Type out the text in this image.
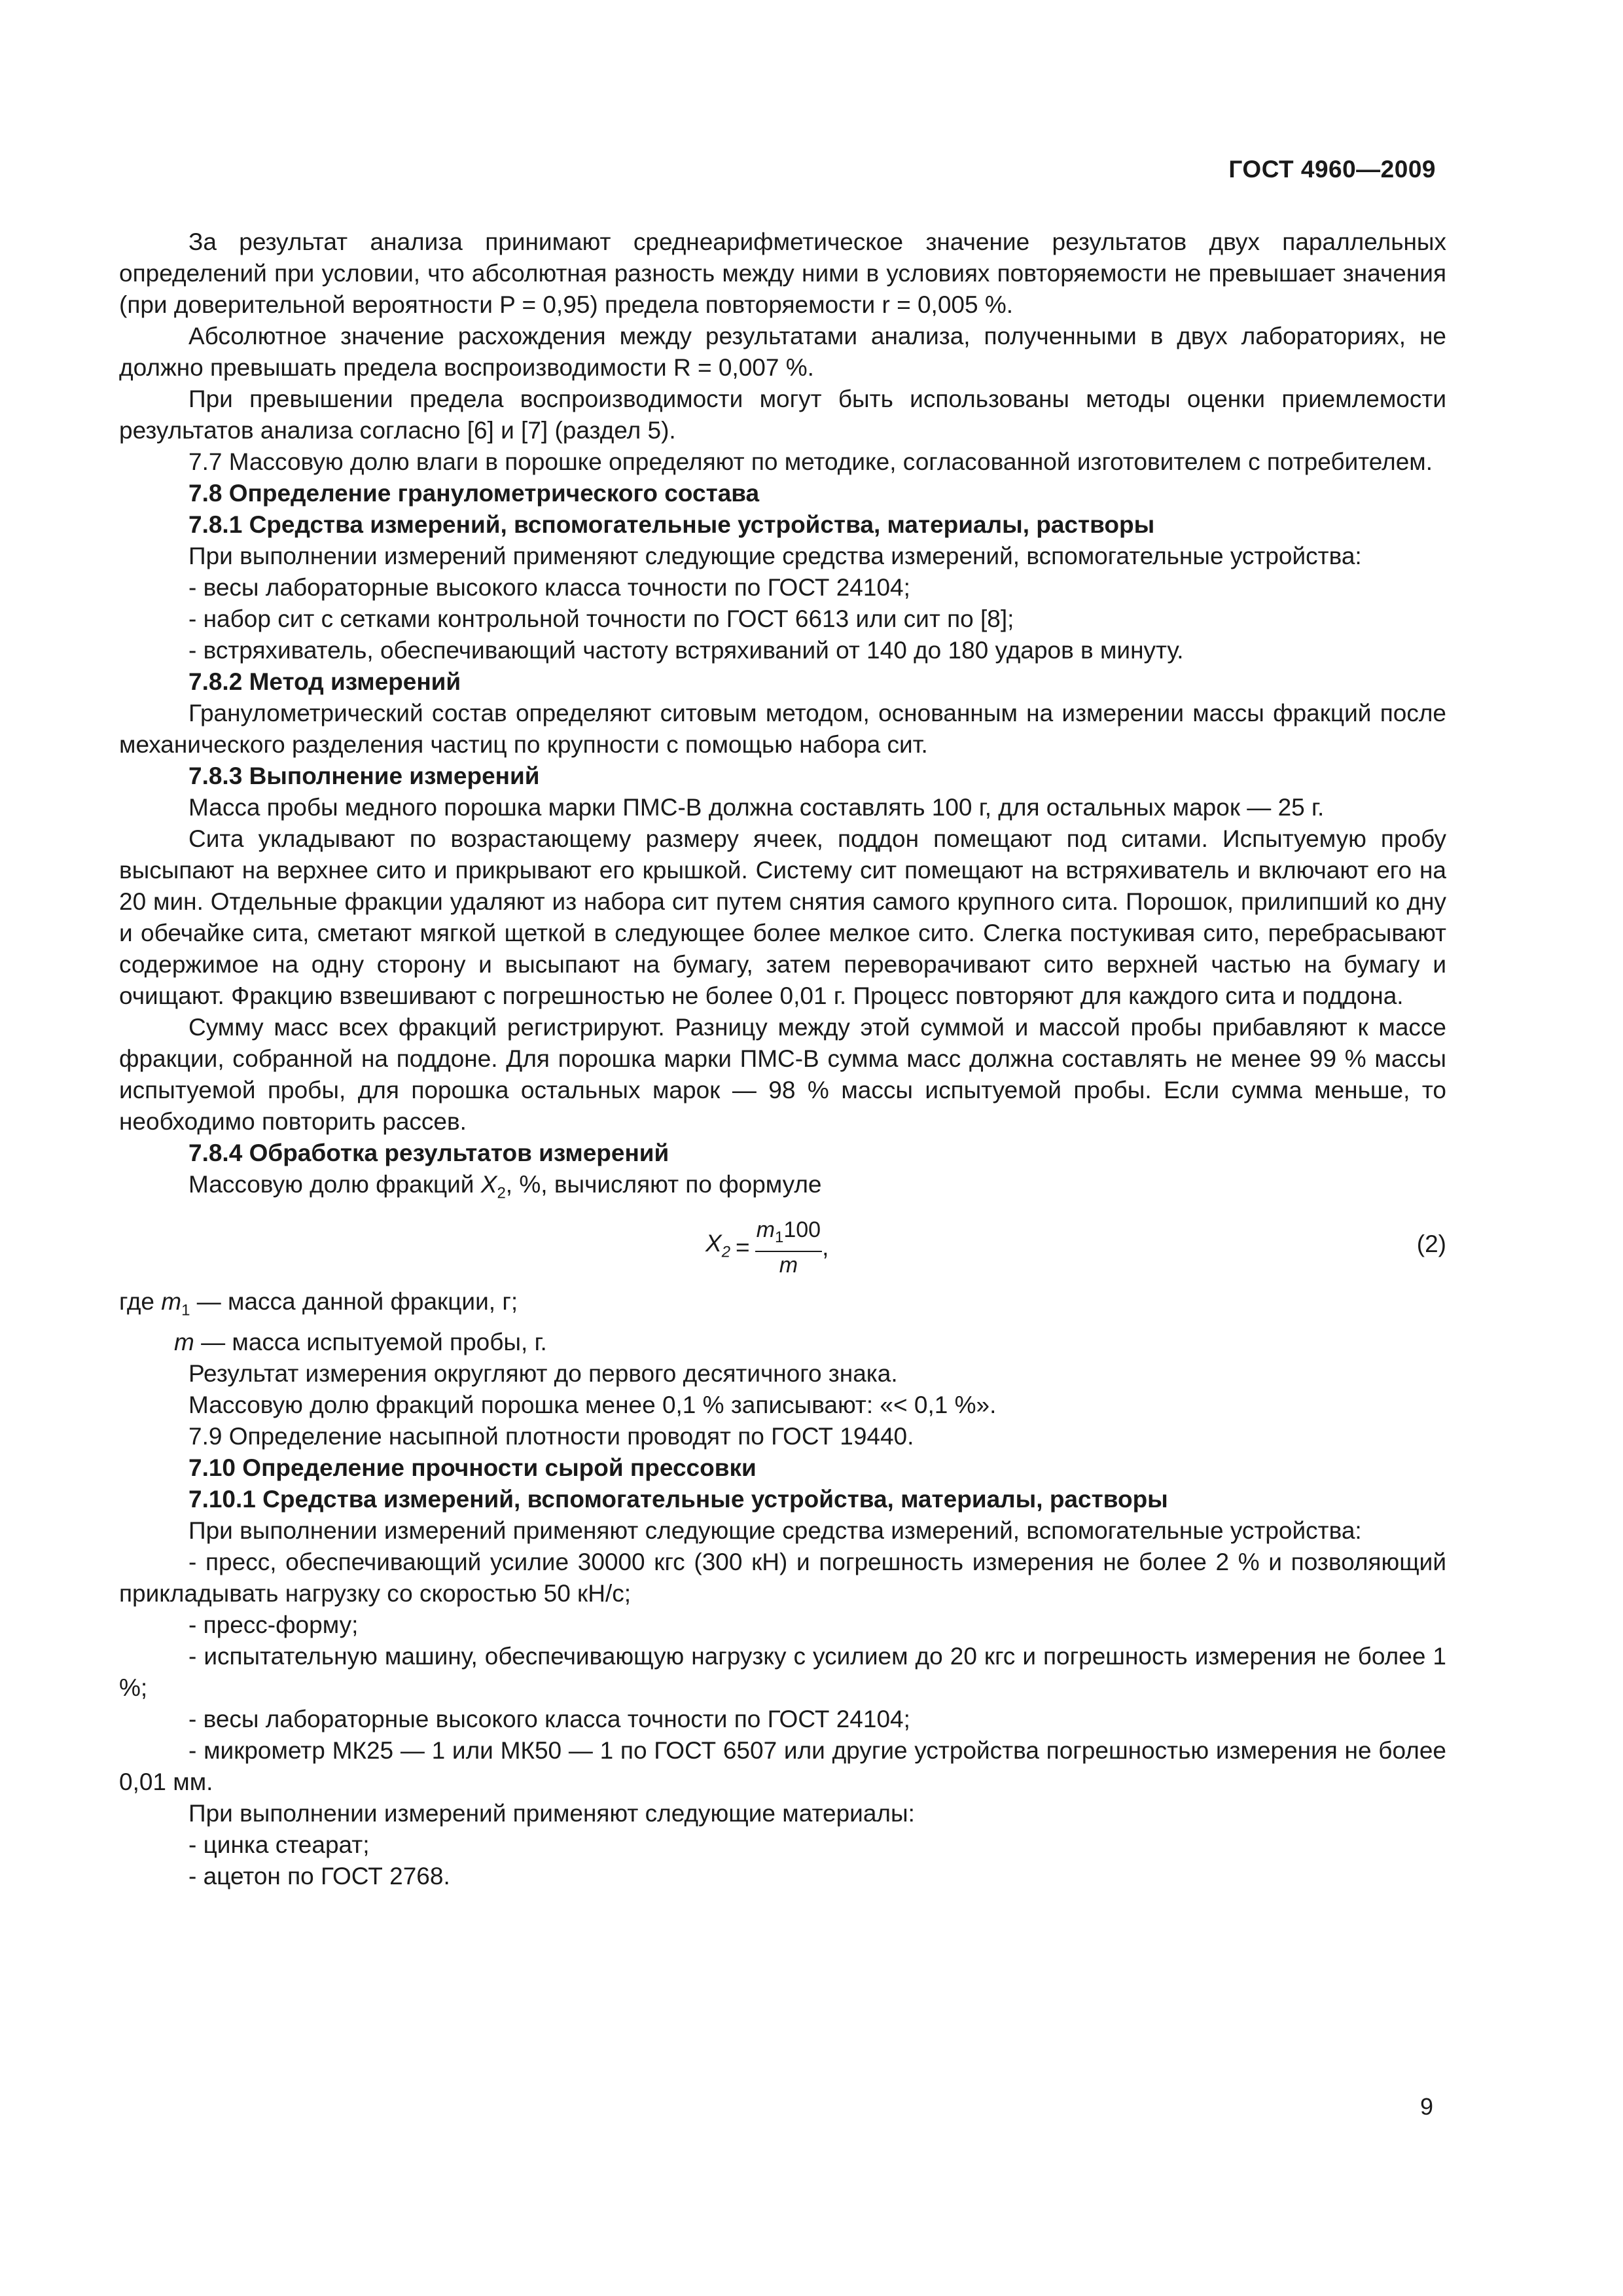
ГОСТ 4960—2009

За результат анализа принимают среднеарифметическое значение результатов двух параллельных определений при условии, что абсолютная разность между ними в условиях повторяемости не превышает значения (при доверительной вероятности P = 0,95) предела повторяемости r = 0,005 %.

Абсолютное значение расхождения между результатами анализа, полученными в двух лабораториях, не должно превышать предела воспроизводимости R = 0,007 %.

При превышении предела воспроизводимости могут быть использованы методы оценки приемлемости результатов анализа согласно [6] и [7] (раздел 5).

7.7 Массовую долю влаги в порошке определяют по методике, согласованной изготовителем с потребителем.

7.8 Определение гранулометрического состава

7.8.1 Средства измерений, вспомогательные устройства, материалы, растворы

При выполнении измерений применяют следующие средства измерений, вспомогательные устройства:

- весы лабораторные высокого класса точности по ГОСТ 24104;

- набор сит с сетками контрольной точности по ГОСТ 6613 или сит по [8];

- встряхиватель, обеспечивающий частоту встряхиваний от 140 до 180 ударов в минуту.

7.8.2 Метод измерений

Гранулометрический состав определяют ситовым методом, основанным на измерении массы фракций после механического разделения частиц по крупности с помощью набора сит.

7.8.3 Выполнение измерений

Масса пробы медного порошка марки ПМС-В должна составлять 100 г, для остальных марок — 25 г.

Сита укладывают по возрастающему размеру ячеек, поддон помещают под ситами. Испытуемую пробу высыпают на верхнее сито и прикрывают его крышкой. Систему сит помещают на встряхиватель и включают его на 20 мин. Отдельные фракции удаляют из набора сит путем снятия самого крупного сита. Порошок, прилипший ко дну и обечайке сита, сметают мягкой щеткой в следующее более мелкое сито. Слегка постукивая сито, перебрасывают содержимое на одну сторону и высыпают на бумагу, затем переворачивают сито верхней частью на бумагу и очищают. Фракцию взвешивают с погрешностью не более 0,01 г. Процесс повторяют для каждого сита и поддона.

Сумму масс всех фракций регистрируют. Разницу между этой суммой и массой пробы прибавляют к массе фракции, собранной на поддоне. Для порошка марки ПМС-В сумма масс должна составлять не менее 99 % массы испытуемой пробы, для порошка остальных марок — 98 % массы испытуемой пробы. Если сумма меньше, то необходимо повторить рассев.

7.8.4 Обработка результатов измерений

Массовую долю фракций $X_2$, %, вычисляют по формуле

$X_2 = \frac{m_1100}{m}$ ,	(2)

где $m_1$ — масса данной фракции, г;

m — масса испытуемой пробы, г.

Результат измерения округляют до первого десятичного знака.

Массовую долю фракций порошка менее 0,1 % записывают: «< 0,1 %».

7.9 Определение насыпной плотности проводят по ГОСТ 19440.

7.10 Определение прочности сырой прессовки

7.10.1 Средства измерений, вспомогательные устройства, материалы, растворы

При выполнении измерений применяют следующие средства измерений, вспомогательные устройства:

- пресс, обеспечивающий усилие 30000 кгс (300 кН) и погрешность измерения не более 2 % и позволяющий прикладывать нагрузку со скоростью 50 кН/с;

- пресс-форму;

- испытательную машину, обеспечивающую нагрузку с усилием до 20 кгс и погрешность измерения не более 1 %;

- весы лабораторные высокого класса точности по ГОСТ 24104;

- микрометр МК25 — 1 или МК50 — 1 по ГОСТ 6507 или другие устройства погрешностью измерения не более 0,01 мм.

При выполнении измерений применяют следующие материалы:

- цинка стеарат;

- ацетон по ГОСТ 2768.

9
